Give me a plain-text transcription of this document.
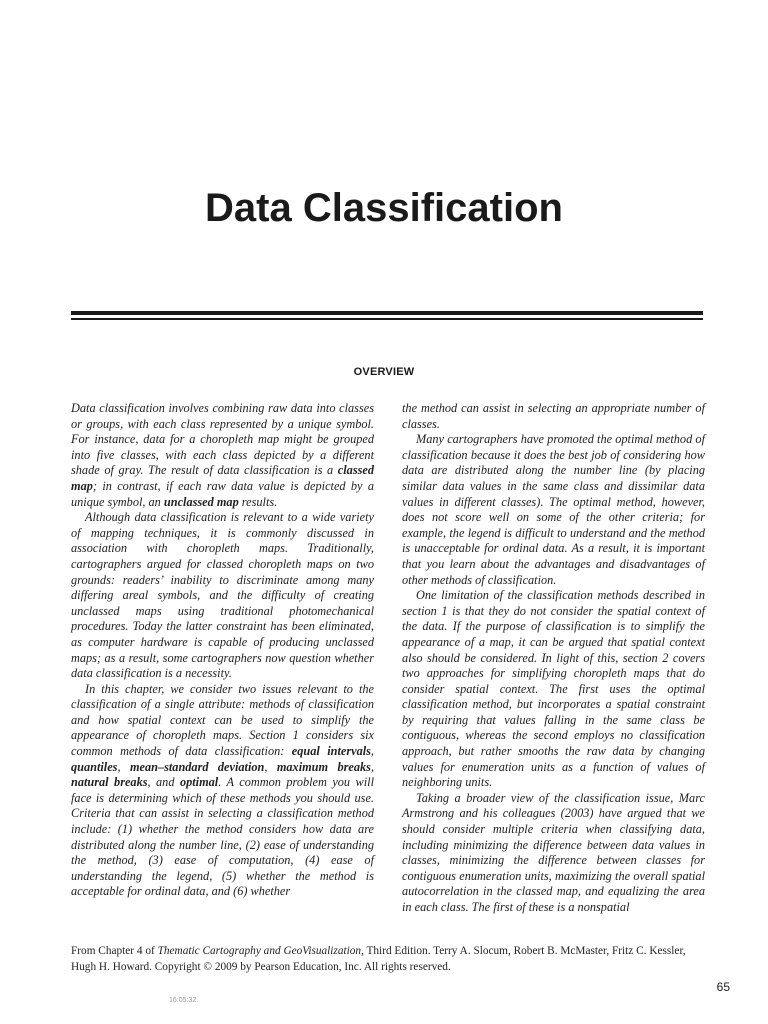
Data Classification
OVERVIEW

Data classification involves combining raw data into classes or groups, with each class represented by a unique symbol. For instance, data for a choropleth map might be grouped into five classes, with each class depicted by a different shade of gray. The result of data classification is a classed map; in contrast, if each raw data value is depicted by a unique symbol, an unclassed map results.

Although data classification is relevant to a wide variety of mapping techniques, it is commonly discussed in association with choropleth maps. Traditionally, cartographers argued for classed choropleth maps on two grounds: readers’ inability to discriminate among many differing areal symbols, and the difficulty of creating unclassed maps using traditional photomechanical procedures. Today the latter constraint has been eliminated, as computer hardware is capable of producing unclassed maps; as a result, some cartographers now question whether data classification is a necessity.

In this chapter, we consider two issues relevant to the classification of a single attribute: methods of classification and how spatial context can be used to simplify the appearance of choropleth maps. Section 1 considers six common methods of data classification: equal intervals, quantiles, mean–standard deviation, maximum breaks, natural breaks, and optimal. A common problem you will face is determining which of these methods you should use. Criteria that can assist in selecting a classification method include: (1) whether the method considers how data are distributed along the number line, (2) ease of understanding the method, (3) ease of computation, (4) ease of understanding the legend, (5) whether the method is acceptable for ordinal data, and (6) whether

the method can assist in selecting an appropriate number of classes.

Many cartographers have promoted the optimal method of classification because it does the best job of considering how data are distributed along the number line (by placing similar data values in the same class and dissimilar data values in different classes). The optimal method, however, does not score well on some of the other criteria; for example, the legend is difficult to understand and the method is unacceptable for ordinal data. As a result, it is important that you learn about the advantages and disadvantages of other methods of classification.

One limitation of the classification methods described in section 1 is that they do not consider the spatial context of the data. If the purpose of classification is to simplify the appearance of a map, it can be argued that spatial context also should be considered. In light of this, section 2 covers two approaches for simplifying choropleth maps that do consider spatial context. The first uses the optimal classification method, but incorporates a spatial constraint by requiring that values falling in the same class be contiguous, whereas the second employs no classification approach, but rather smooths the raw data by changing values for enumeration units as a function of values of neighboring units.

Taking a broader view of the classification issue, Marc Armstrong and his colleagues (2003) have argued that we should consider multiple criteria when classifying data, including minimizing the difference between data values in classes, minimizing the difference between classes for contiguous enumeration units, maximizing the overall spatial autocorrelation in the classed map, and equalizing the area in each class. The first of these is a nonspatial

From Chapter 4 of Thematic Cartography and GeoVisualization, Third Edition. Terry A. Slocum, Robert B. McMaster, Fritz C. Kessler, Hugh H. Howard. Copyright © 2009 by Pearson Education, Inc. All rights reserved.
65
16:05:32.
